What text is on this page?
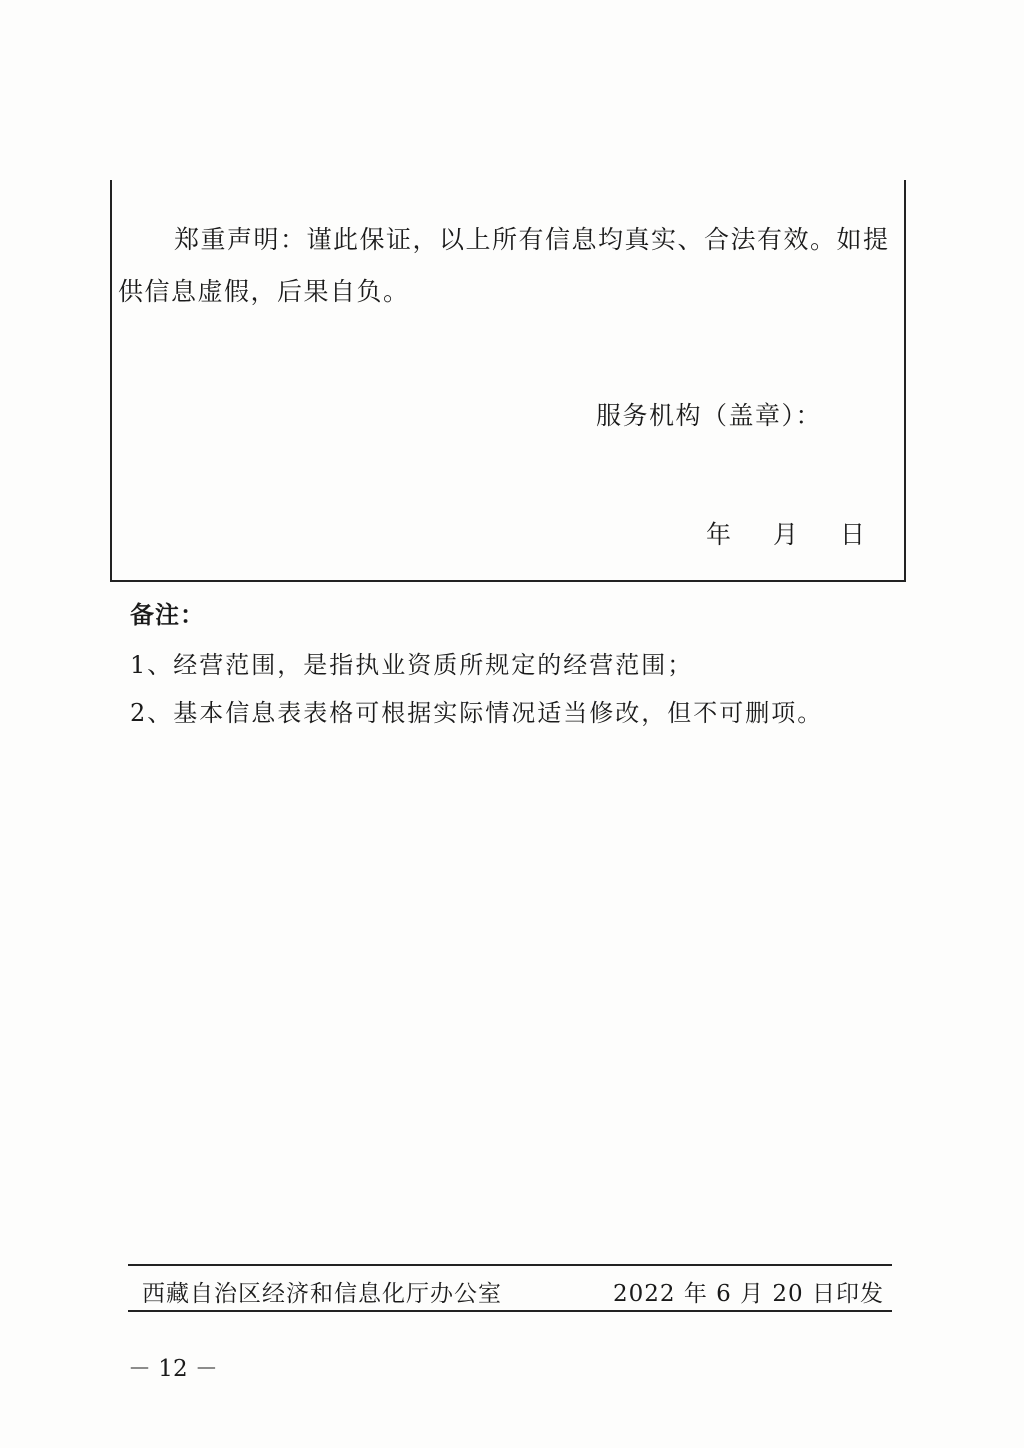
郑重声明：谨此保证，以上所有信息均真实、合法有效。如提供信息虚假，后果自负。

服务机构（盖章）：
年 月 日
备注：
1、经营范围，是指执业资质所规定的经营范围；
2、基本信息表表格可根据实际情况适当修改，但不可删项。
西藏自治区经济和信息化厅办公室	2022 年 6 月 20 日印发
－ 12 －
